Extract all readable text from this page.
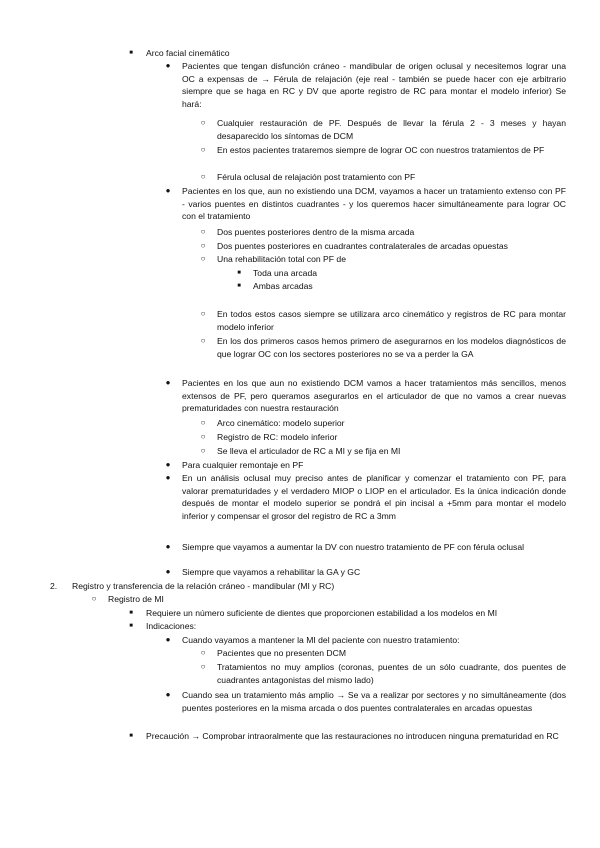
■	Arco facial cinemático
● Pacientes que tengan disfunción cráneo - mandibular de origen oclusal y necesitemos lograr una OC a expensas de → Férula de relajación (eje real - también se puede hacer con eje arbitrario siempre que se haga en RC y DV que aporte registro de RC para montar el modelo inferior) Se hará:
○ Cualquier restauración de PF. Después de llevar la férula 2 - 3 meses y hayan desaparecido los síntomas de DCM
○ En estos pacientes trataremos siempre de lograr OC con nuestros tratamientos de PF
○ Férula oclusal de relajación post tratamiento con PF
● Pacientes en los que, aun no existiendo una DCM, vayamos a hacer un tratamiento extenso con PF - varios puentes en distintos cuadrantes - y los queremos hacer simultáneamente para lograr OC con el tratamiento
○ Dos puentes posteriores dentro de la misma arcada
○ Dos puentes posteriores en cuadrantes contralaterales de arcadas opuestas
○ Una rehabilitación total con PF de
■	Toda una arcada
■	Ambas arcadas
○ En todos estos casos siempre se utilizara arco cinemático y registros de RC para montar modelo inferior
○ En los dos primeros casos hemos primero de asegurarnos en los modelos diagnósticos de que lograr OC con los sectores posteriores no se va a perder la GA
● Pacientes en los que aun no existiendo DCM vamos a hacer tratamientos más sencillos, menos extensos de PF, pero queramos asegurarlos en el articulador de que no vamos a crear nuevas prematuridades con nuestra restauración
○ Arco cinemático: modelo superior
○ Registro de RC: modelo inferior
○ Se lleva el articulador de RC a MI y se fija en MI
● Para cualquier remontaje en PF
● En un análisis oclusal muy preciso antes de planificar y comenzar el tratamiento con PF, para valorar prematuridades y el verdadero MIOP o LIOP en el articulador. Es la única indicación donde después de montar el modelo superior se pondrá el pin incisal a +5mm para montar el modelo inferior y compensar el grosor del registro de RC a 3mm
● Siempre que vayamos a aumentar la DV con nuestro tratamiento de PF con férula oclusal
● Siempre que vayamos a rehabilitar la GA y GC
2.	Registro y transferencia de la relación cráneo - mandibular (MI y RC)
○ Registro de MI
■	Requiere un número suficiente de dientes que proporcionen estabilidad a los modelos en MI
■	Indicaciones:
● Cuando vayamos a mantener la MI del paciente con nuestro tratamiento:
○ Pacientes que no presenten DCM
○ Tratamientos no muy amplios (coronas, puentes de un sólo cuadrante, dos puentes de cuadrantes antagonistas del mismo lado)
● Cuando sea un tratamiento más amplio → Se va a realizar por sectores y no simultáneamente (dos puentes posteriores en la misma arcada o dos puentes contralaterales en arcadas opuestas
■	Precaución → Comprobar intraoralmente que las restauraciones no introducen ninguna prematuridad en RC
